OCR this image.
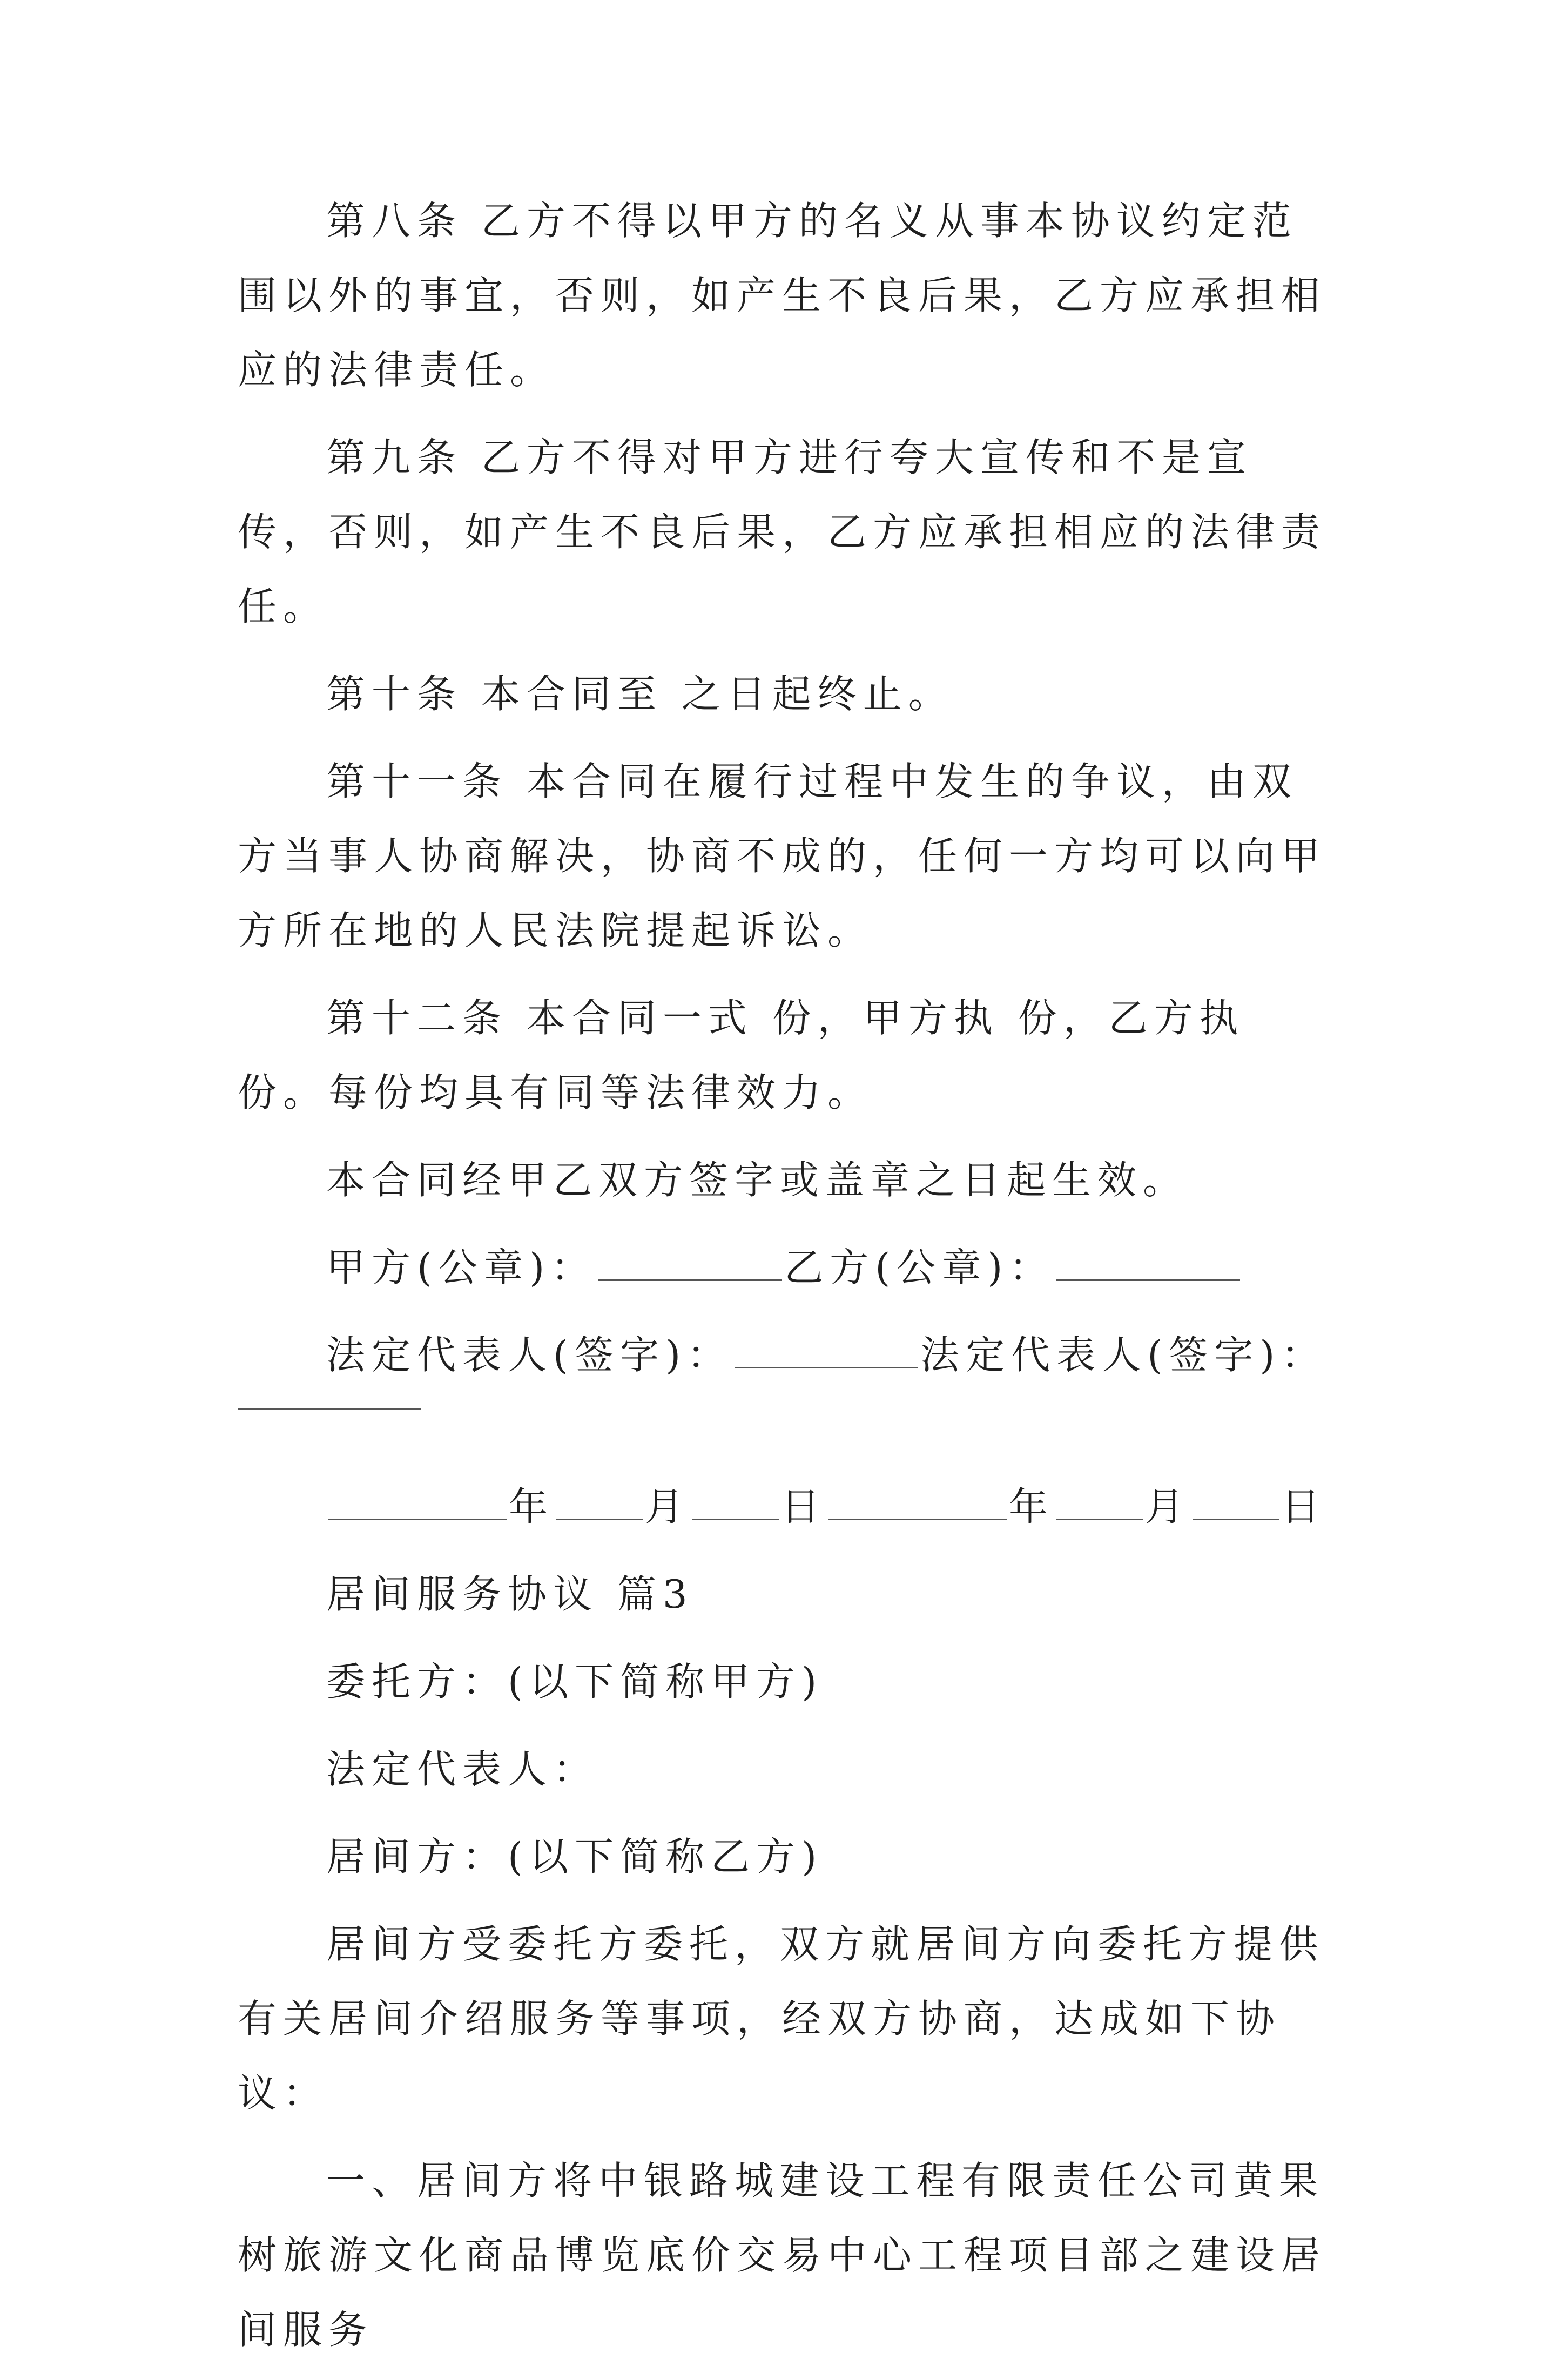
第八条 乙方不得以甲方的名义从事本协议约定范围以外的事宜，否则，如产生不良后果，乙方应承担相应的法律责任。

第九条 乙方不得对甲方进行夸大宣传和不是宣传，否则，如产生不良后果，乙方应承担相应的法律责任。

第十条 本合同至 之日起终止。

第十一条 本合同在履行过程中发生的争议，由双方当事人协商解决，协商不成的，任何一方均可以向甲方所在地的人民法院提起诉讼。

第十二条 本合同一式 份，甲方执 份，乙方执 份。每份均具有同等法律效力。

本合同经甲乙双方签字或盖章之日起生效。

甲方(公章)：	乙方(公章)：
法定代表人(签字)：	法定代表人(签字)：
年 月 日	年 月 日
居间服务协议 篇3
委托方：(以下简称甲方)
法定代表人：
居间方：(以下简称乙方)

居间方受委托方委托，双方就居间方向委托方提供有关居间介绍服务等事项，经双方协商，达成如下协议：

一、居间方将中银路城建设工程有限责任公司黄果树旅游文化商品博览底价交易中心工程项目部之建设居间服务
